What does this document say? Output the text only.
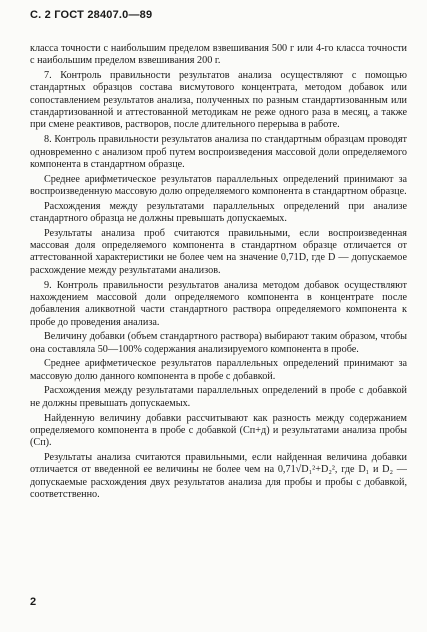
С. 2 ГОСТ 28407.0—89

класса точности с наибольшим пределом взвешивания 500 г или 4-го класса точности с наибольшим пределом взвешивания 200 г.

7. Контроль правильности результатов анализа осуществляют с помощью стандартных образцов состава висмутового концентрата, методом добавок или сопоставлением результатов анализа, полученных по разным стандартизованным или стандартизованной и аттестованной методикам не реже одного раза в месяц, а также при смене реактивов, растворов, после длительного перерыва в работе.

8. Контроль правильности результатов анализа по стандартным образцам проводят одновременно с анализом проб путем воспроизведения массовой доли определяемого компонента в стандартном образце.

Среднее арифметическое результатов параллельных определений принимают за воспроизведенную массовую долю определяемого компонента в стандартном образце.

Расхождения между результатами параллельных определений при анализе стандартного образца не должны превышать допускаемых.

Результаты анализа проб считаются правильными, если воспроизведенная массовая доля определяемого компонента в стандартном образце отличается от аттестованной характеристики не более чем на значение 0,71D, где D — допускаемое расхождение между результатами анализов.

9. Контроль правильности результатов анализа методом добавок осуществляют нахождением массовой доли определяемого компонента в концентрате после добавления аликвотной части стандартного раствора определяемого компонента к пробе до проведения анализа.

Величину добавки (объем стандартного раствора) выбирают таким образом, чтобы она составляла 50—100% содержания анализируемого компонента в пробе.

Среднее арифметическое результатов параллельных определений принимают за массовую долю данного компонента в пробе с добавкой.

Расхождения между результатами параллельных определений в пробе с добавкой не должны превышать допускаемых.

Найденную величину добавки рассчитывают как разность между содержанием определяемого компонента в пробе с добавкой (Cп+д) и результатами анализа пробы (Cп).

Результаты анализа считаются правильными, если найденная величина добавки отличается от введенной ее величины не более чем на 0,71√D₁²+D₂², где D₁ и D₂ — допускаемые расхождения двух результатов анализа для пробы и пробы с добавкой, соответственно.

2
